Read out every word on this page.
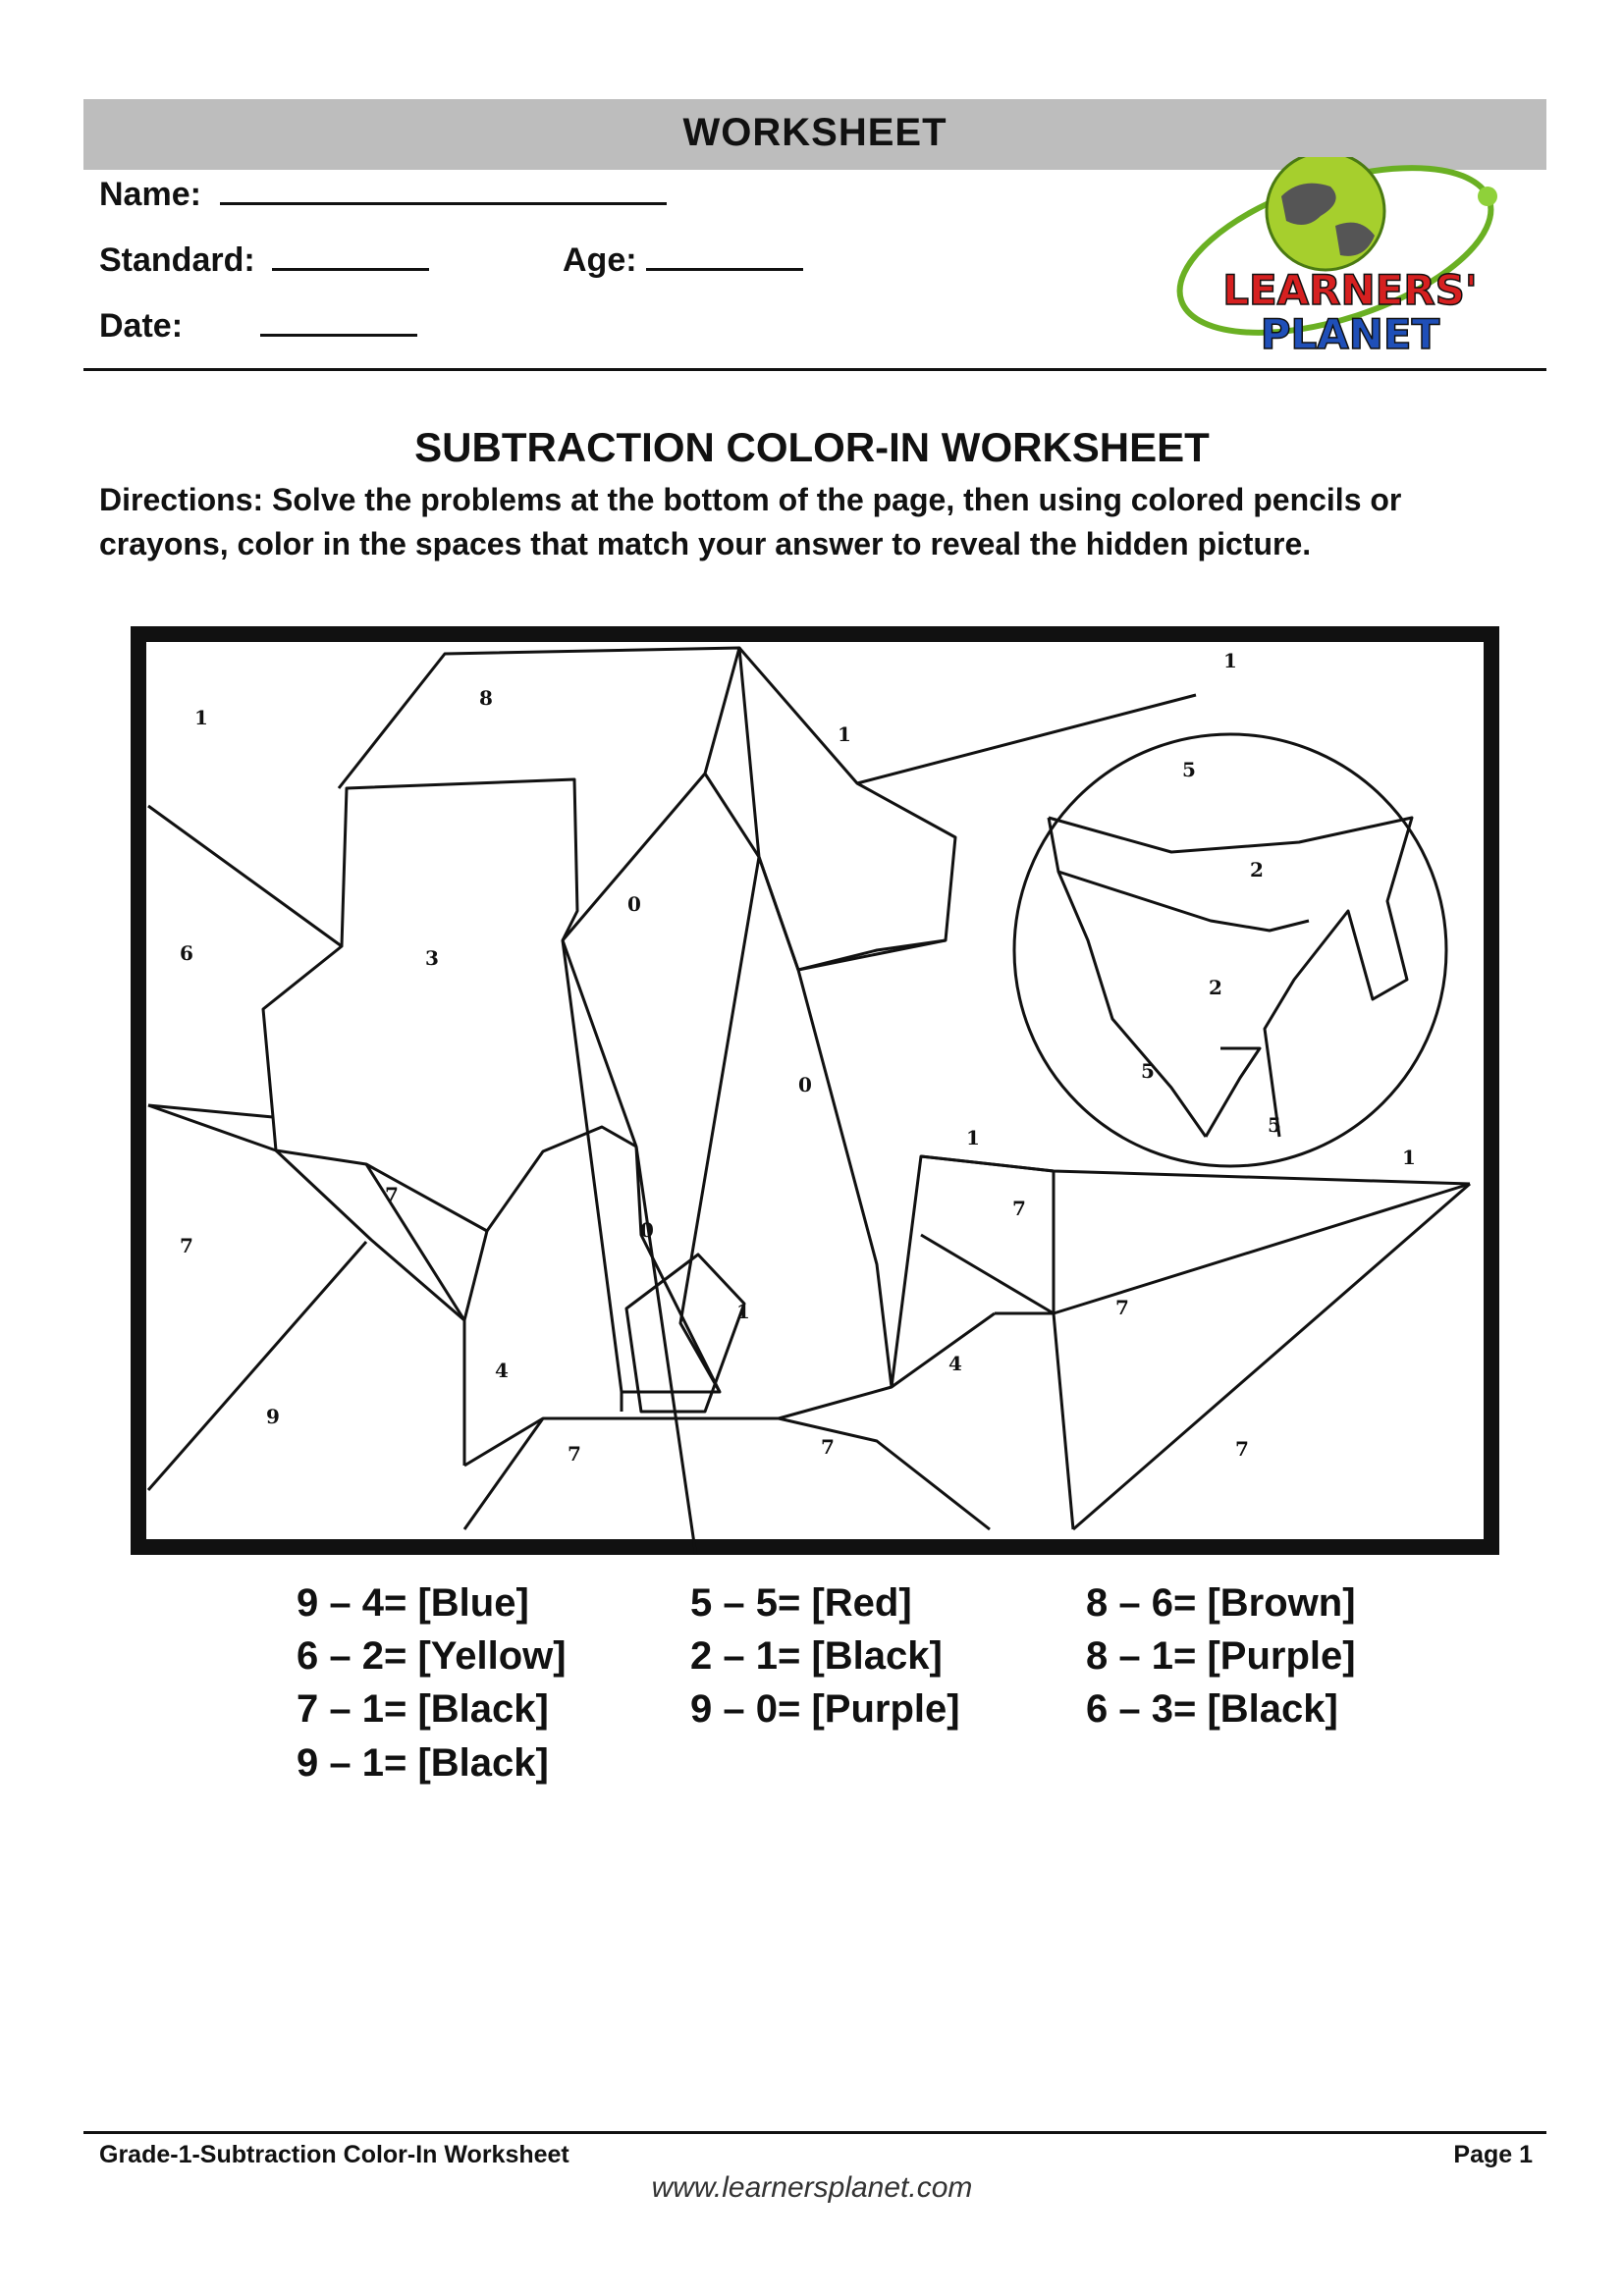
WORKSHEET
Name:
Standard:	Age:
Date:
LEARNERS'
PLANET
SUBTRACTION COLOR-IN WORKSHEET
Directions: Solve the problems at the bottom of the page, then using colored pencils or crayons, color in the spaces that match your answer to reveal the hidden picture.
1
8
1
1
5
6	3
0
2
2
0
5
5
1
1
7
7
7
0
1
4
7
4
9
7	7	7
9 – 4= [Blue]
6 – 2= [Yellow]
7 – 1= [Black]
9 – 1= [Black]
5 – 5= [Red]
2 – 1= [Black]
9 – 0= [Purple]
8 – 6= [Brown]
8 – 1= [Purple]
6 – 3= [Black]
Grade-1-Subtraction Color-In Worksheet	Page 1
www.learnersplanet.com
